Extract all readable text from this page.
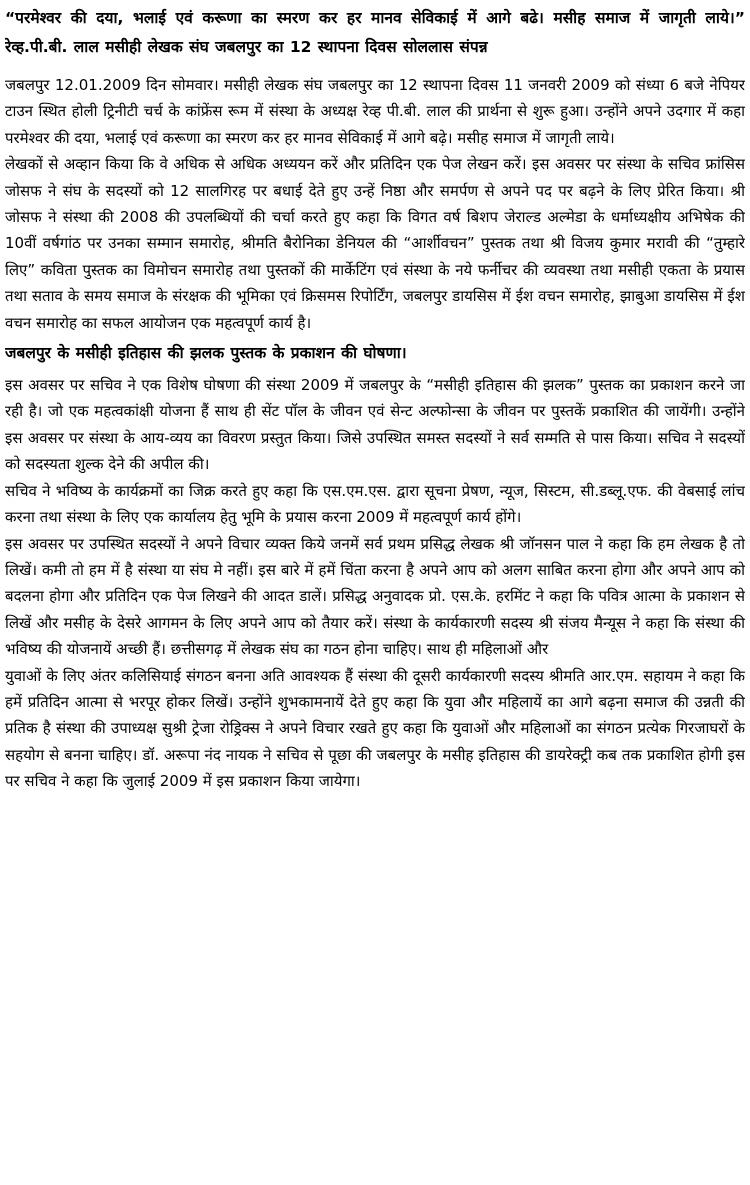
“परमेश्वर की दया, भलाई एवं करूणा का स्मरण कर हर मानव सेविकाई में आगे बढे। मसीह समाज में जागृती लाये।” रेव्ह.पी.बी. लाल मसीही लेखक संघ जबलपुर का 12 स्थापना दिवस सोललास संपन्न

जबलपुर 12.01.2009 दिन सोमवार। मसीही लेखक संघ जबलपुर का 12 स्थापना दिवस 11 जनवरी 2009 को संध्या 6 बजे नेपियर टाउन स्थित होली ट्रिनीटी चर्च के कांफ्रेंस रूम में संस्था के अध्यक्ष रेव्ह पी.बी. लाल की प्रार्थना से शुरू हुआ। उन्होंने अपने उदगार में कहा परमेश्वर की दया, भलाई एवं करूणा का स्मरण कर हर मानव सेविकाई में आगे बढ़े। मसीह समाज में जागृती लाये।

लेखकों से अव्हान किया कि वे अधिक से अधिक अध्ययन करें और प्रतिदिन एक पेज लेखन करें। इस अवसर पर संस्था के सचिव फ्रांसिस जोसफ ने संघ के सदस्यों को 12 सालगिरह पर बधाई देते हुए उन्हें निष्ठा और समर्पण से अपने पद पर बढ़ने के लिए प्रेरित किया। श्री जोसफ ने संस्था की 2008 की उपलब्धियों की चर्चा करते हुए कहा कि विगत वर्ष बिशप जेराल्ड अल्मेडा के धर्माध्यक्षीय अभिषेक की 10वीं वर्षगांठ पर उनका सम्मान समारोह, श्रीमति बैरोनिका डेनियल की “आर्शीवचन” पुस्तक तथा श्री विजय कुमार मरावी की “तुम्हारे लिए” कविता पुस्तक का विमोचन समारोह तथा पुस्तकों की मार्केटिंग एवं संस्था के नये फर्नीचर की व्यवस्था तथा मसीही एकता के प्रयास तथा सताव के समय समाज के संरक्षक की भूमिका एवं क्रिसमस रिपोर्टिंग, जबलपुर डायसिस में ईश वचन समारोह, झाबुआ डायसिस में ईश वचन समारोह का सफल आयोजन एक महत्वपूर्ण कार्य है।

जबलपुर के मसीही इतिहास की झलक पुस्तक के प्रकाशन की घोषणा।

इस अवसर पर सचिव ने एक विशेष घोषणा की संस्था 2009 में जबलपुर के “मसीही इतिहास की झलक” पुस्तक का प्रकाशन करने जा रही है। जो एक महत्वकांक्षी योजना हैं साथ ही सेंट पॉल के जीवन एवं सेन्ट अल्फोन्सा के जीवन पर पुस्तकें प्रकाशित की जायेंगी। उन्होंने इस अवसर पर संस्था के आय-व्यय का विवरण प्रस्तुत किया। जिसे उपस्थित समस्त सदस्यों ने सर्व सम्मति से पास किया। सचिव ने सदस्यों को सदस्यता शुल्क देने की अपील की।

सचिव ने भविष्य के कार्यक्रमों का जिक्र करते हुए कहा कि एस.एम.एस. द्वारा सूचना प्रेषण, न्यूज, सिस्टम, सी.डब्लू.एफ. की वेबसाई लांच करना तथा संस्था के लिए एक कार्यालय हेतु भूमि के प्रयास करना 2009 में महत्वपूर्ण कार्य होंगे।

इस अवसर पर उपस्थित सदस्यों ने अपने विचार व्यक्त किये जनमें सर्व प्रथम प्रसिद्ध लेखक श्री जॉनसन पाल ने कहा कि हम लेखक है तो लिखें। कमी तो हम में है संस्था या संघ मे नहीं। इस बारे में हमें चिंता करना है अपने आप को अलग साबित करना होगा और अपने आप को बदलना होगा और प्रतिदिन एक पेज लिखने की आदत डालें। प्रसिद्ध अनुवादक प्रो. एस.के. हरमिंट ने कहा कि पवित्र आत्मा के प्रकाशन से लिखें और मसीह के देसरे आगमन के लिए अपने आप को तैयार करें। संस्था के कार्यकारणी सदस्य श्री संजय मैन्यूस ने कहा कि संस्था की भविष्य की योजनायें अच्छी हैं। छत्तीसगढ़ में लेखक संघ का गठन होना चाहिए। साथ ही महिलाओं और

युवाओं के लिए अंतर कलिसियाई संगठन बनना अति आवश्यक हैं संस्था की दूसरी कार्यकारणी सदस्य श्रीमति आर.एम. सहायम ने कहा कि हमें प्रतिदिन आत्मा से भरपूर होकर लिखें। उन्होंने शुभकामनायें देते हुए कहा कि युवा और महिलायें का आगे बढ़ना समाज की उन्नती की प्रतिक है संस्था की उपाध्यक्ष सुश्री ट्रेजा रोड्रिक्स ने अपने विचार रखते हुए कहा कि युवाओं और महिलाओं का संगठन प्रत्येक गिरजाघरों के सहयोग से बनना चाहिए। डॉ. अरूपा नंद नायक ने सचिव से पूछा की जबलपुर के मसीह इतिहास की डायरेक्ट्री कब तक प्रकाशित होगी इस पर सचिव ने कहा कि जुलाई 2009 में इस प्रकाशन किया जायेगा।
